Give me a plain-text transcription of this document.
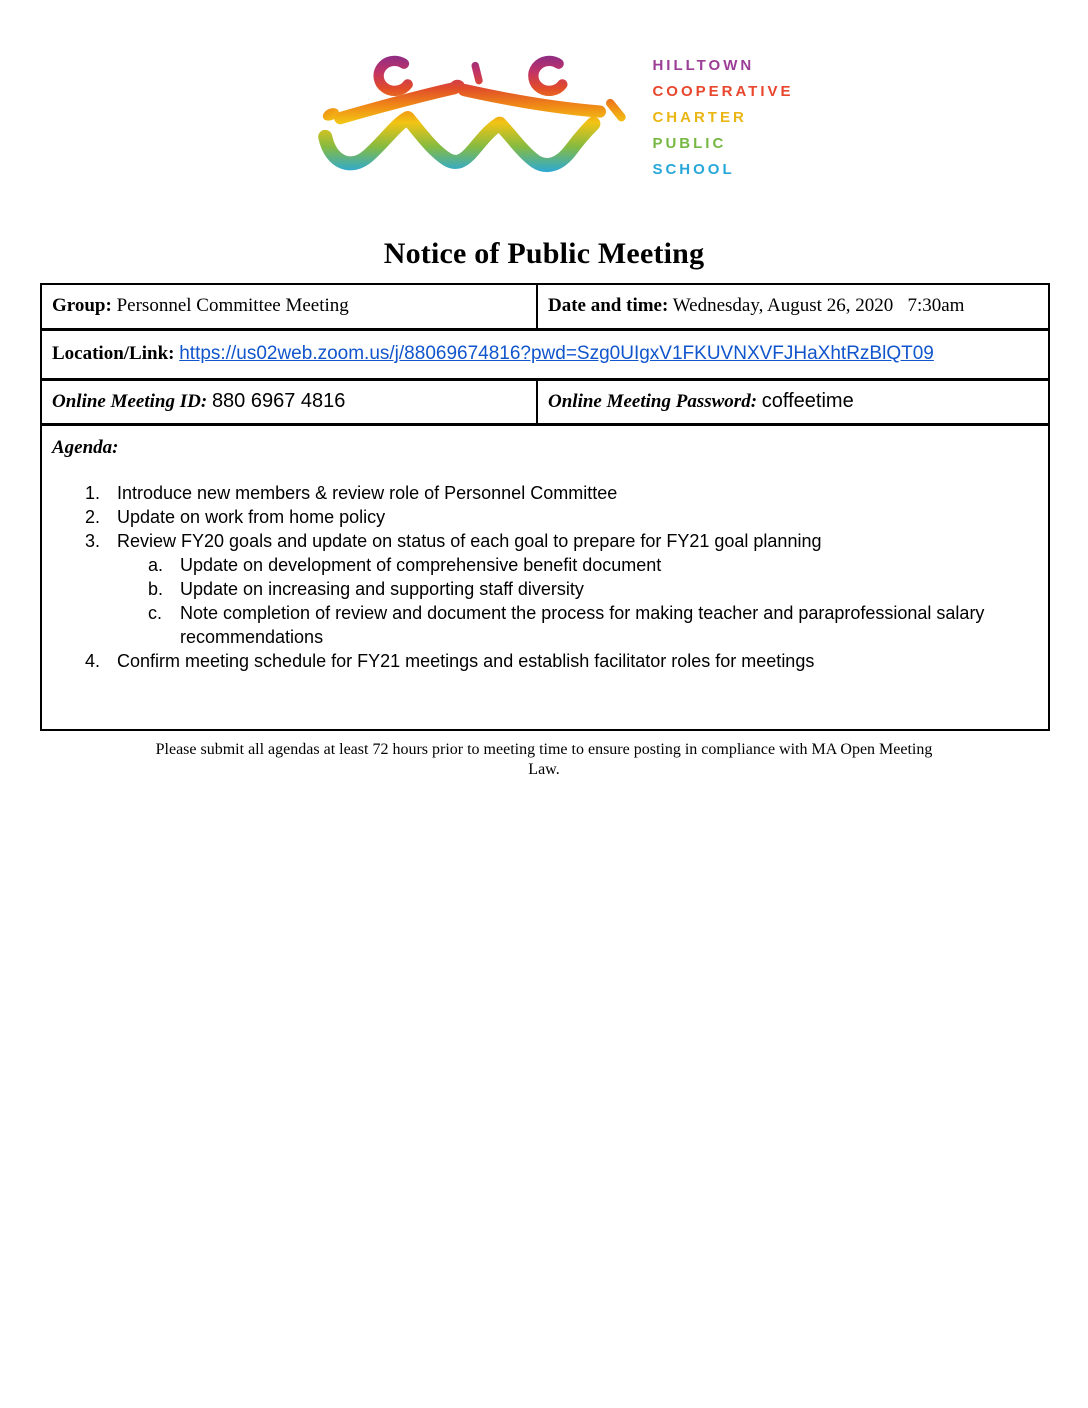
HILLTOWN
COOPERATIVE
CHARTER
PUBLIC
SCHOOL
Notice of Public Meeting
Group: Personnel Committee Meeting	Date and time: Wednesday, August 26, 2020   7:30am
Location/Link: https://us02web.zoom.us/j/88069674816?pwd=Szg0UIgxV1FKUVNXVFJHaXhtRzBlQT09	
Online Meeting ID: 880 6967 4816	Online Meeting Password: coffeetime

Agenda:
1. Introduce new members & review role of Personnel Committee
2. Update on work from home policy
3. Review FY20 goals and update on status of each goal to prepare for FY21 goal planning
a. Update on development of comprehensive benefit document
b. Update on increasing and supporting staff diversity
c. Note completion of review and document the process for making teacher and paraprofessional salary recommendations
4. Confirm meeting schedule for FY21 meetings and establish facilitator roles for meetings
Please submit all agendas at least 72 hours prior to meeting time to ensure posting in compliance with MA Open Meeting
Law.
